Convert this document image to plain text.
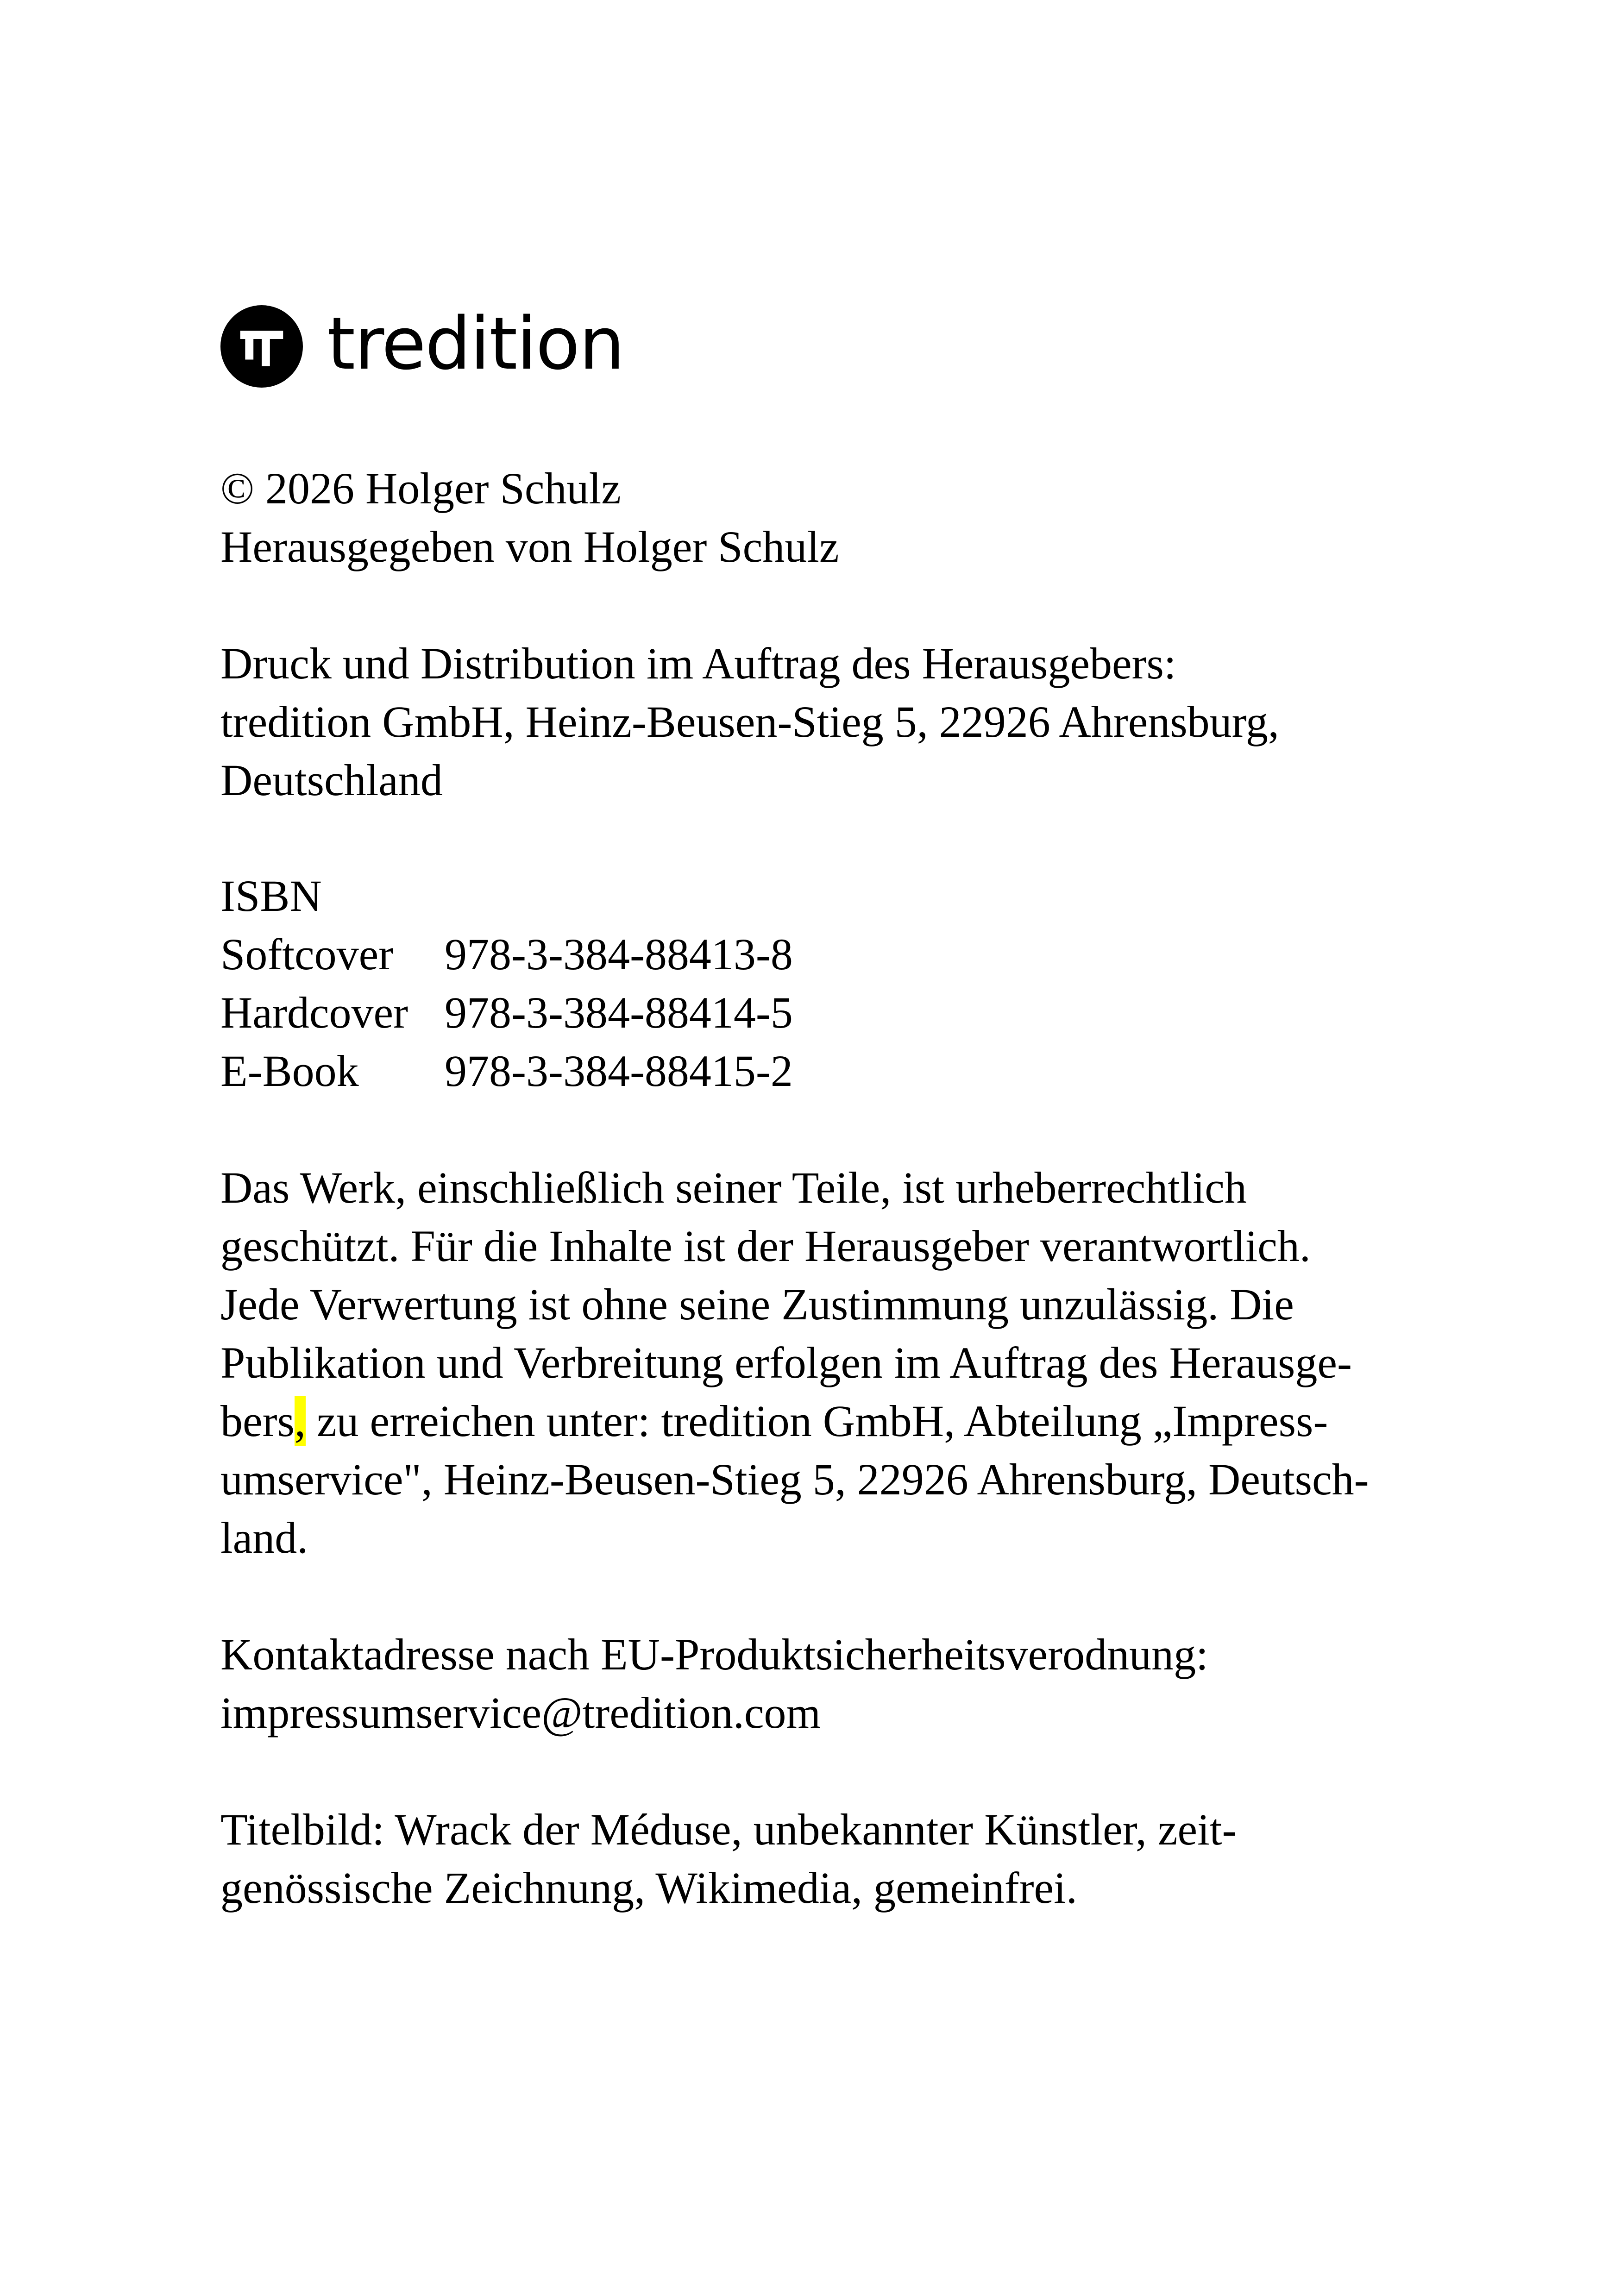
tredition
© 2026 Holger Schulz
Herausgegeben von Holger Schulz
Druck und Distribution im Auftrag des Herausgebers:
tredition GmbH, Heinz-Beusen-Stieg 5, 22926 Ahrensburg,
Deutschland
ISBN
Softcover	978-3-384-88413-8
Hardcover 978-3-384-88414-5
E-Book	978-3-384-88415-2
Das Werk, einschließlich seiner Teile, ist urheberrechtlich
geschützt. Für die Inhalte ist der Herausgeber verantwortlich.
Jede Verwertung ist ohne seine Zustimmung unzulässig. Die
Publikation und Verbreitung erfolgen im Auftrag des Herausge-
bers, zu erreichen unter: tredition GmbH, Abteilung „Impress-
umservice", Heinz-Beusen-Stieg 5, 22926 Ahrensburg, Deutsch-
land.
Kontaktadresse nach EU-Produktsicherheitsverodnung:
impressumservice@tredition.com
Titelbild: Wrack der Méduse, unbekannter Künstler, zeit-
genössische Zeichnung, Wikimedia, gemeinfrei.
